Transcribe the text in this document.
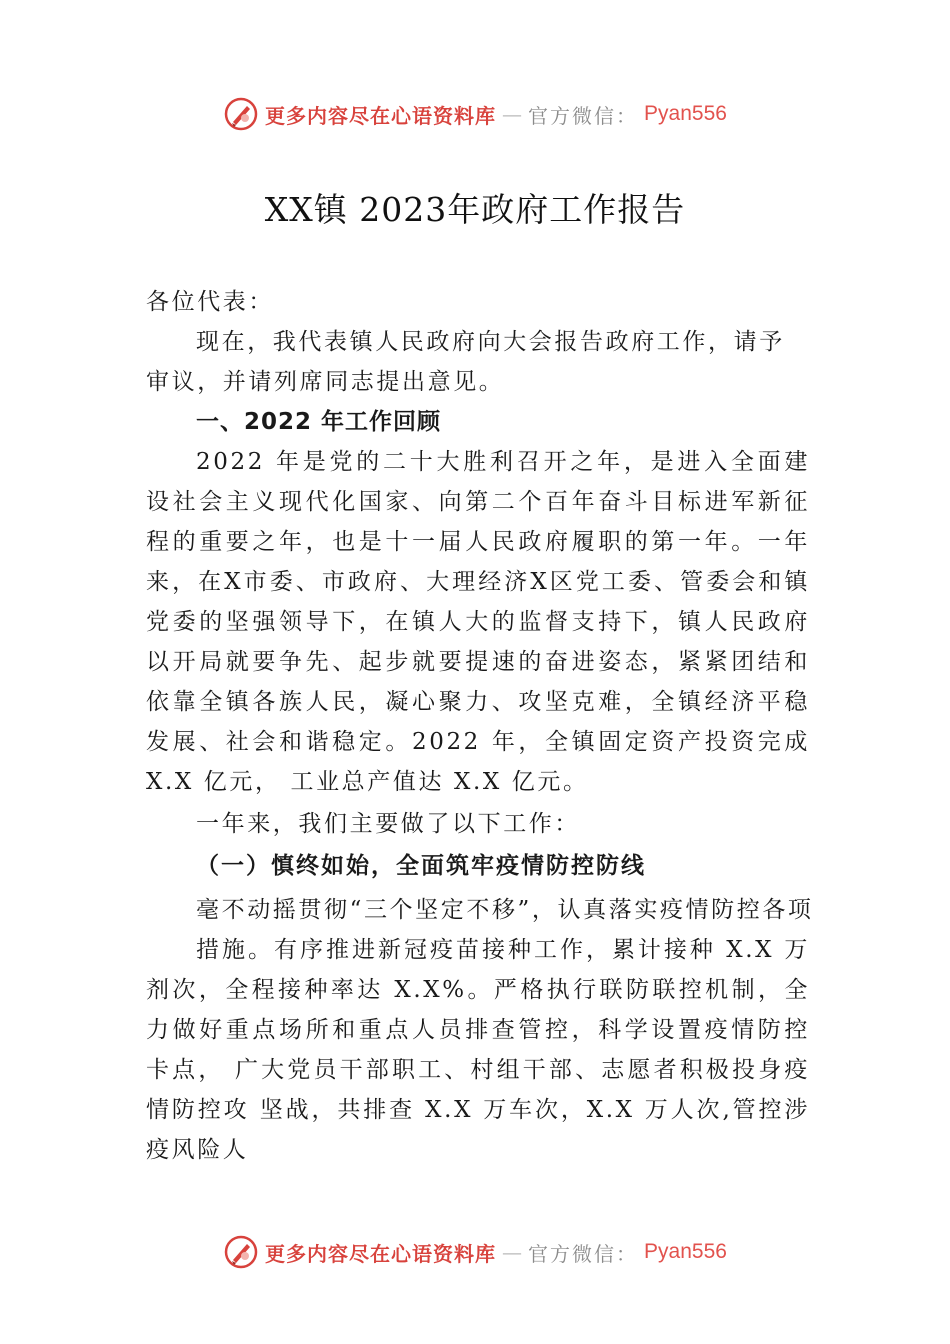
更多内容尽在心语资料库 — 官方微信： Pyan556
XX镇 2023年政府工作报告
各位代表：
现在，我代表镇人民政府向大会报告政府工作，请予审议，并请列席同志提出意见。
一、2022 年工作回顾
2022 年是党的二十大胜利召开之年，是进入全面建设社会主义现代化国家、向第二个百年奋斗目标进军新征程的重要之年，也是十一届人民政府履职的第一年。一年来，在X市委、市政府、大理经济X区党工委、管委会和镇党委的坚强领导下，在镇人大的监督支持下，镇人民政府以开局就要争先、起步就要提速的奋进姿态，紧紧团结和依靠全镇各族人民，凝心聚力、攻坚克难，全镇经济平稳发展、社会和谐稳定。2022 年，全镇固定资产投资完成 X.X 亿元， 工业总产值达 X.X 亿元。
一年来，我们主要做了以下工作：
（一）慎终如始，全面筑牢疫情防控防线
毫不动摇贯彻“三个坚定不移”，认真落实疫情防控各项
措施。有序推进新冠疫苗接种工作，累计接种 X.X 万剂次，全程接种率达 X.X%。严格执行联防联控机制，全力做好重点场所和重点人员排查管控，科学设置疫情防控卡点， 广大党员干部职工、村组干部、志愿者积极投身疫情防控攻 坚战，共排查 X.X 万车次，X.X 万人次,管控涉疫风险人
更多内容尽在心语资料库 — 官方微信： Pyan556
